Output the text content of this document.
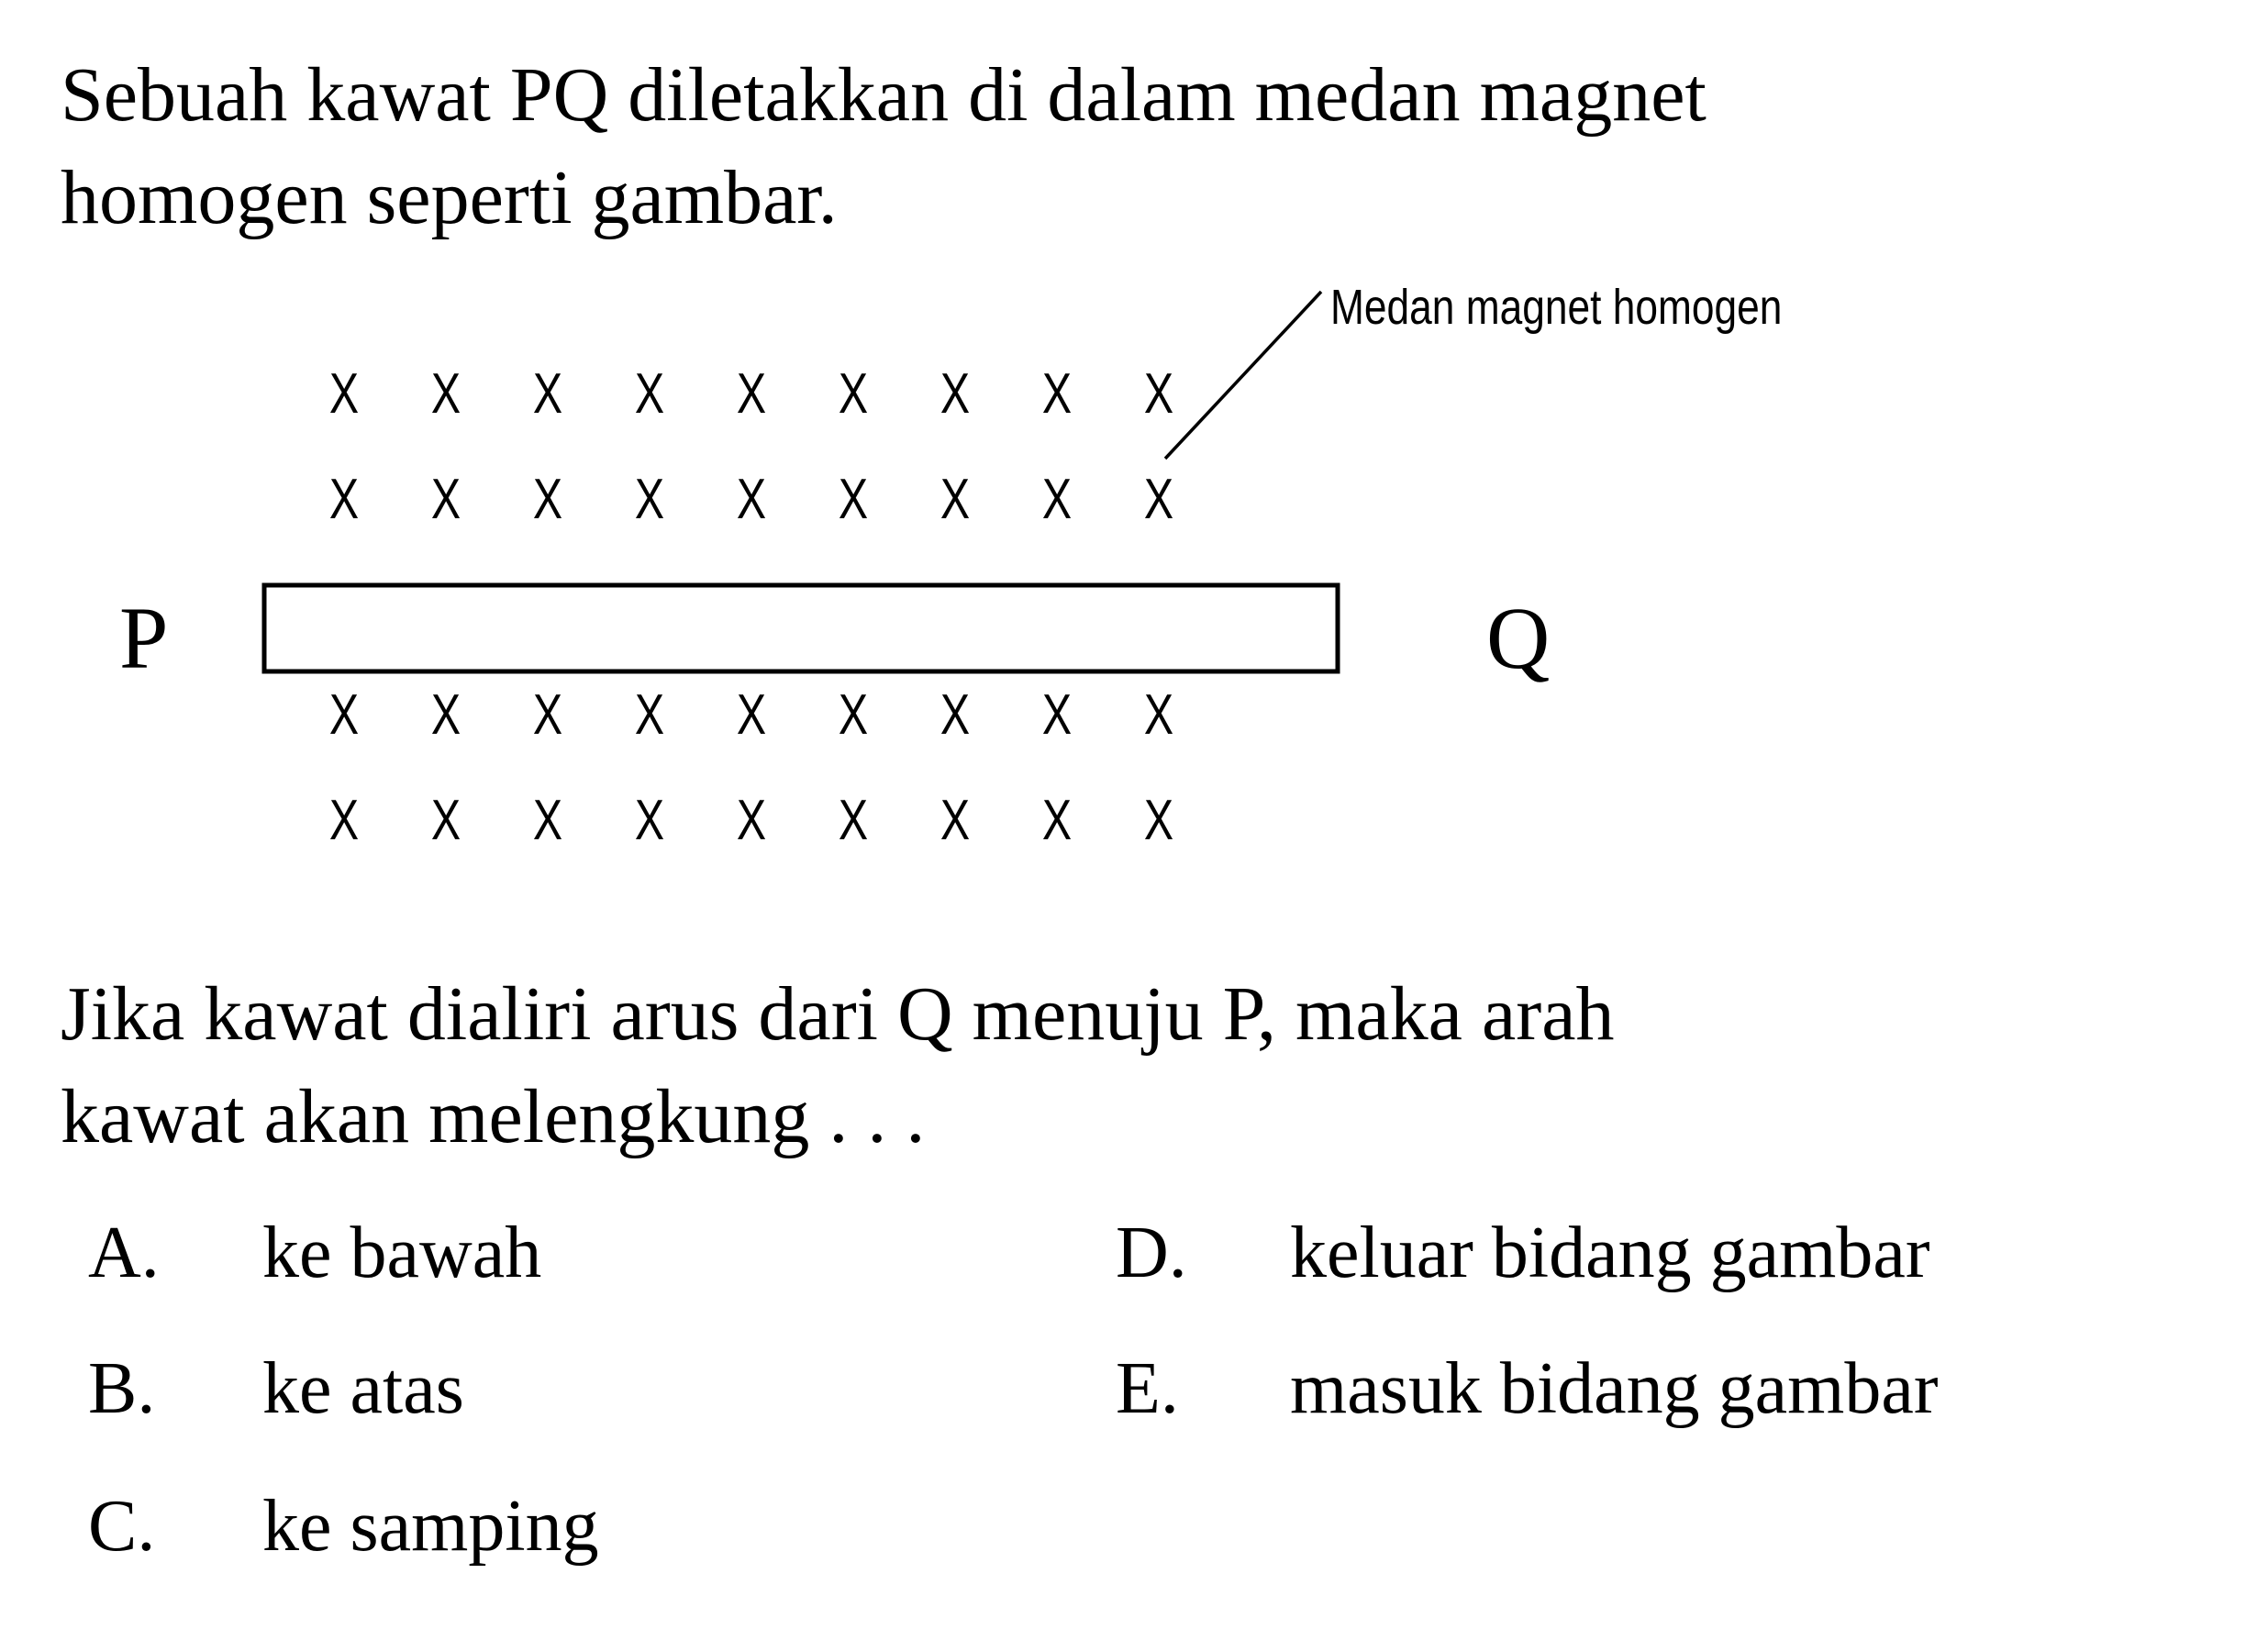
Sebuah kawat PQ diletakkan di dalam medan magnet
homogen seperti gambar.

X X X X X X X X X
X X X X X X X X X
X X X X X X X X X
X X X X X X X X X
P	Q
Medan magnet homogen

Jika kawat dialiri arus dari Q menuju P, maka arah
kawat akan melengkung . . .

A. ke bawah
B. ke atas
C. ke samping
D. keluar bidang gambar
E. masuk bidang gambar
